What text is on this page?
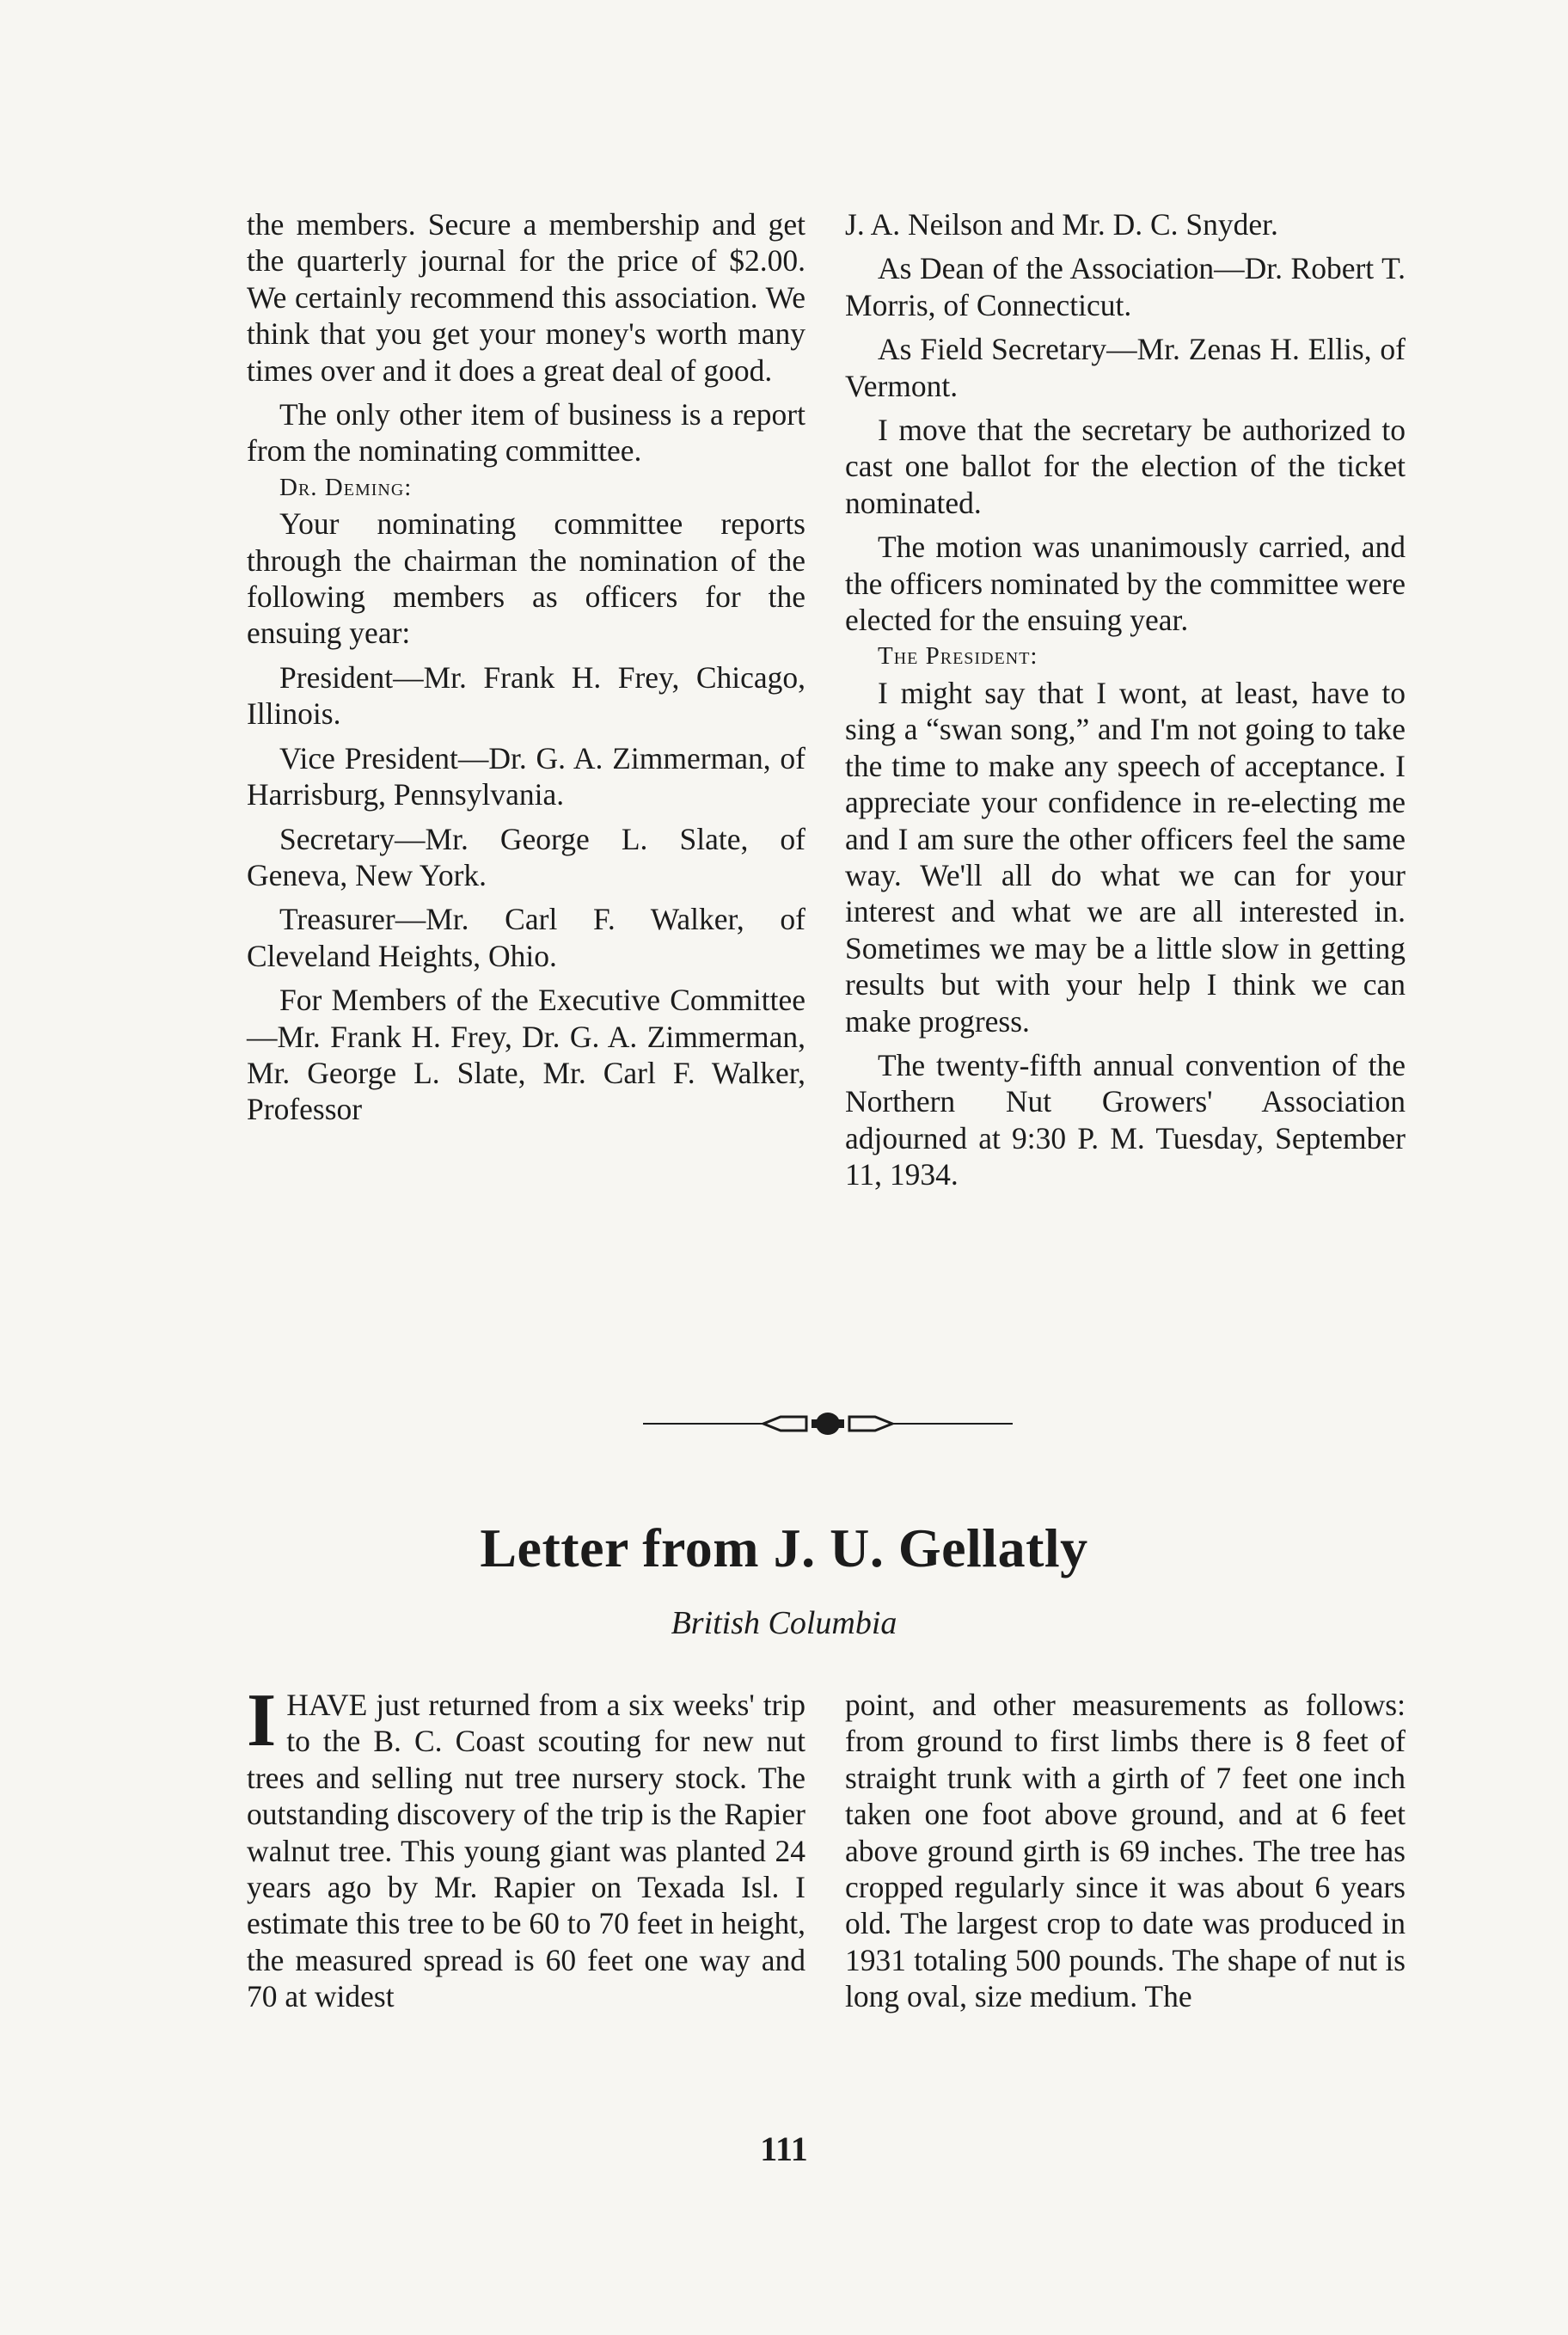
the members. Secure a membership and get the quarterly journal for the price of $2.00. We certainly recommend this association. We think that you get your money's worth many times over and it does a great deal of good.

The only other item of business is a report from the nominating committee.

Dr. Deming:

Your nominating committee reports through the chairman the nomination of the following members as officers for the ensuing year:

President—Mr. Frank H. Frey, Chicago, Illinois.

Vice President—Dr. G. A. Zimmerman, of Harrisburg, Pennsylvania.

Secretary—Mr. George L. Slate, of Geneva, New York.

Treasurer—Mr. Carl F. Walker, of Cleveland Heights, Ohio.

For Members of the Executive Committee—Mr. Frank H. Frey, Dr. G. A. Zimmerman, Mr. George L. Slate, Mr. Carl F. Walker, Professor

J. A. Neilson and Mr. D. C. Snyder.

As Dean of the Association—Dr. Robert T. Morris, of Connecticut.

As Field Secretary—Mr. Zenas H. Ellis, of Vermont.

I move that the secretary be authorized to cast one ballot for the election of the ticket nominated.

The motion was unanimously carried, and the officers nominated by the committee were elected for the ensuing year.

The President:

I might say that I wont, at least, have to sing a “swan song,” and I'm not going to take the time to make any speech of acceptance. I appreciate your confidence in re-electing me and I am sure the other officers feel the same way. We'll all do what we can for your interest and what we are all interested in. Sometimes we may be a little slow in getting results but with your help I think we can make progress.

The twenty-fifth annual convention of the Northern Nut Growers' Association adjourned at 9:30 P. M. Tuesday, September 11, 1934.

Letter from J. U. Gellatly
British Columbia
I HAVE just returned from a six weeks' trip to the B. C. Coast scouting for new nut trees and selling nut tree nursery stock. The outstanding discovery of the trip is the Rapier walnut tree. This young giant was planted 24 years ago by Mr. Rapier on Texada Isl. I estimate this tree to be 60 to 70 feet in height, the measured spread is 60 feet one way and 70 at widest

point, and other measurements as follows: from ground to first limbs there is 8 feet of straight trunk with a girth of 7 feet one inch taken one foot above ground, and at 6 feet above ground girth is 69 inches. The tree has cropped regularly since it was about 6 years old. The largest crop to date was produced in 1931 totaling 500 pounds. The shape of nut is long oval, size medium. The

111
